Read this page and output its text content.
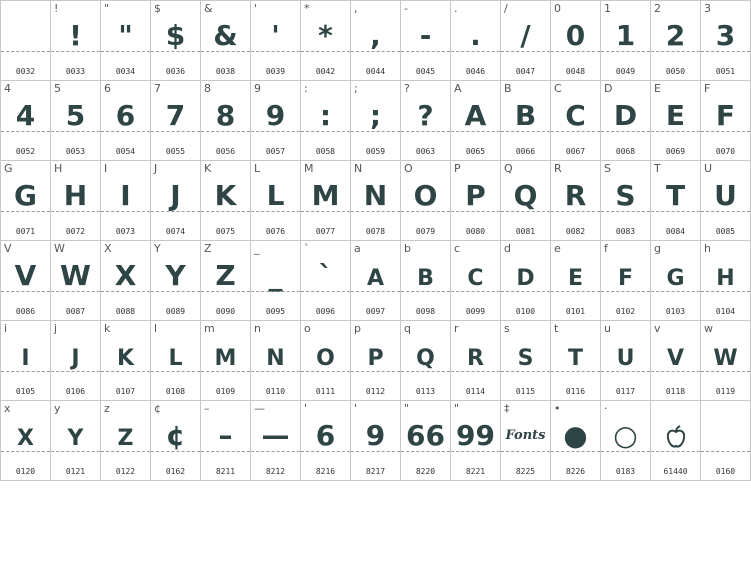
0032
!
!
0033
"
"
0034
$
$
0036
&
&
0038
'
'
0039
*
*
0042
,
,
0044
-
-
0045
.
.
0046
/
/
0047
0
0
0048
1
1
0049
2
2
0050
3
3
0051
4
4
0052
5
5
0053
6
6
0054
7
7
0055
8
8
0056
9
9
0057
:
:
0058
;
;
0059
?
?
0063
A
A
0065
B
B
0066
C
C
0067
D
D
0068
E
E
0069
F
F
0070
G
G
0071
H
H
0072
I
I
0073
J
J
0074
K
K
0075
L
L
0076
M
M
0077
N
N
0078
O
O
0079
P
P
0080
Q
Q
0081
R
R
0082
S
S
0083
T
T
0084
U
U
0085
V
V
0086
W
W
0087
X
X
0088
Y
Y
0089
Z
Z
0090
_
_
0095
`
`
0096
a
A
0097
b
B
0098
c
C
0099
d
D
0100
e
E
0101
f
F
0102
g
G
0103
h
H
0104
i
I
0105
j
J
0106
k
K
0107
l
L
0108
m
M
0109
n
N
0110
o
O
0111
p
P
0112
q
Q
0113
r
R
0114
s
S
0115
t
T
0116
u
U
0117
v
V
0118
w
W
0119
x
X
0120
y
Y
0121
z
Z
0122
¢
¢
0162
–
–
8211
—
—
8212
'
6
8216
'
9
8217
"
66
8220
"
99
8221
‡
Fonts
8225
•
●
8226
·
○
0183	61440	0160
